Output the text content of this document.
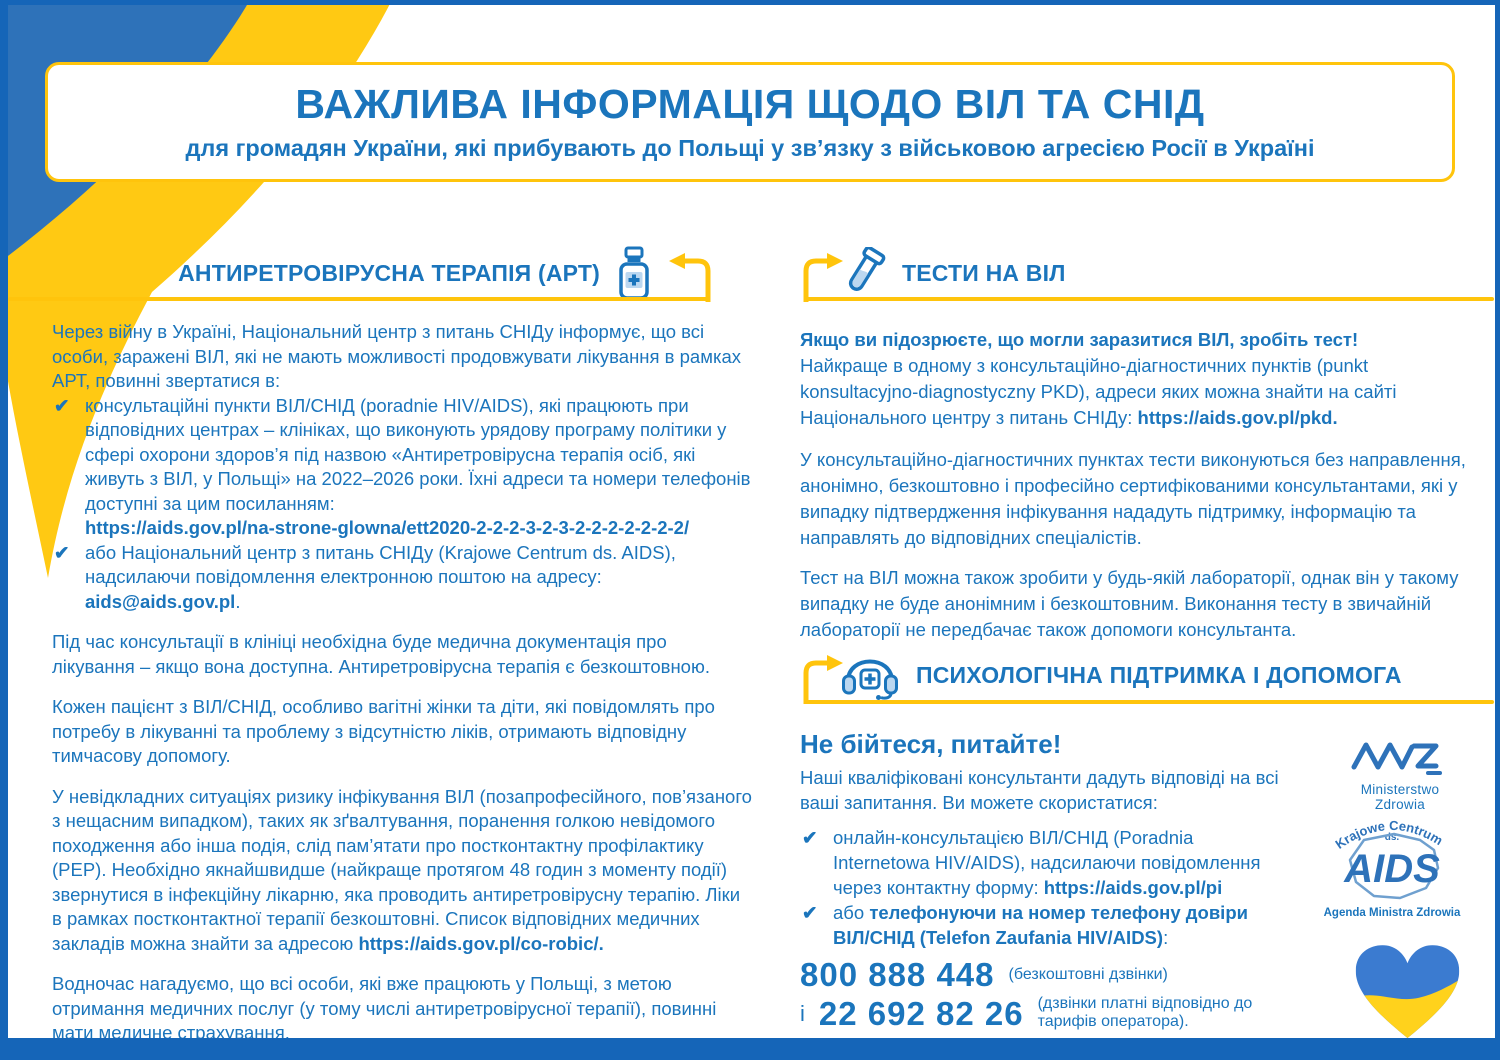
ВАЖЛИВА ІНФОРМАЦІЯ ЩОДО ВІЛ ТА СНІД
для громадян України, які прибувають до Польщі у зв’язку з військовою агресією Росії в Україні
АНТИРЕТРОВІРУСНА ТЕРАПІЯ (АРТ)	ТЕСТИ НА ВІЛ
ПСИХОЛОГІЧНА ПІДТРИМКА І ДОПОМОГА

Через війну в Україні, Національний центр з питань СНІДу інформує, що всі особи, заражені ВІЛ, які не мають можливості продовжувати лікування в рамках АРТ, повинні звертатися в:

✔ консультаційні пункти ВІЛ/СНІД (poradnie HIV/AIDS), які працюють при відповідних центрах – клініках, що виконують урядову програму політики у сфері охорони здоров’я під назвою «Антиретровірусна терапія осіб, які живуть з ВІЛ, у Польщі» на 2022–2026 роки. Їхні адреси та номери телефонів доступні за цим посиланням:
https://aids.gov.pl/na-strone-glowna/ett2020-2-2-2-3-2-3-2-2-2-2-2-2-2/
✔ або Національний центр з питань СНІДу (Krajowe Centrum ds. AIDS), надсилаючи повідомлення електронною поштою на адресу: aids@aids.gov.pl.

Під час консультації в клініці необхідна буде медична документація про лікування – якщо вона доступна. Антиретровірусна терапія є безкоштовною.

Кожен пацієнт з ВІЛ/СНІД, особливо вагітні жінки та діти, які повідомлять про потребу в лікуванні та проблему з відсутністю ліків, отримають відповідну тимчасову допомогу.

У невідкладних ситуаціях ризику інфікування ВІЛ (позапрофесійного, пов’язаного з нещасним випадком), таких як зґвалтування, поранення голкою невідомого походження або інша подія, слід пам’ятати про постконтактну профілактику (PEP). Необхідно якнайшвидше (найкраще протягом 48 годин з моменту події) звернутися в інфекційну лікарню, яка проводить антиретровірусну терапію. Ліки в рамках постконтактної терапії безкоштовні. Список відповідних медичних закладів можна знайти за адресою https://aids.gov.pl/co-robic/.

Водночас нагадуємо, що всі особи, які вже працюють у Польщі, з метою отримання медичних послуг (у тому числі антиретровірусної терапії), повинні мати медичне страхування.

Якщо ви підозрюєте, що могли заразитися ВІЛ, зробіть тест!
Найкраще в одному з консультаційно-діагностичних пунктів (punkt konsultacyjno-diagnostyczny PKD), адреси яких можна знайти на сайті Національного центру з питань СНІДу: https://aids.gov.pl/pkd.

У консультаційно-діагностичних пунктах тести виконуються без направлення, анонімно, безкоштовно і професійно сертифікованими консультантами, які у випадку підтвердження інфікування нададуть підтримку, інформацію та направлять до відповідних спеціалістів.

Тест на ВІЛ можна також зробити у будь-якій лабораторії, однак він у такому випадку не буде анонімним і безкоштовним. Виконання тесту в звичайній лабораторії не передбачає також допомоги консультанта.

Не бійтеся, питайте!

Наші кваліфіковані консультанти дадуть відповіді на всі ваші запитання. Ви можете скористатися:

✔ онлайн-консультацією ВІЛ/СНІД (Poradnia Internetowa HIV/AIDS), надсилаючи повідомлення через контактну форму: https://aids.gov.pl/pi
✔ або телефонуючи на номер телефону довіри ВІЛ/СНІД (Telefon Zaufania HIV/AIDS):
800 888 448 (безкоштовні дзвінки)
і 22 692 82 26 (дзвінки платні відповідно до тарифів оператора).
Ministerstwo Zdrowia
Krajowe Centrum
ds.
AIDS
Agenda Ministra Zdrowia
